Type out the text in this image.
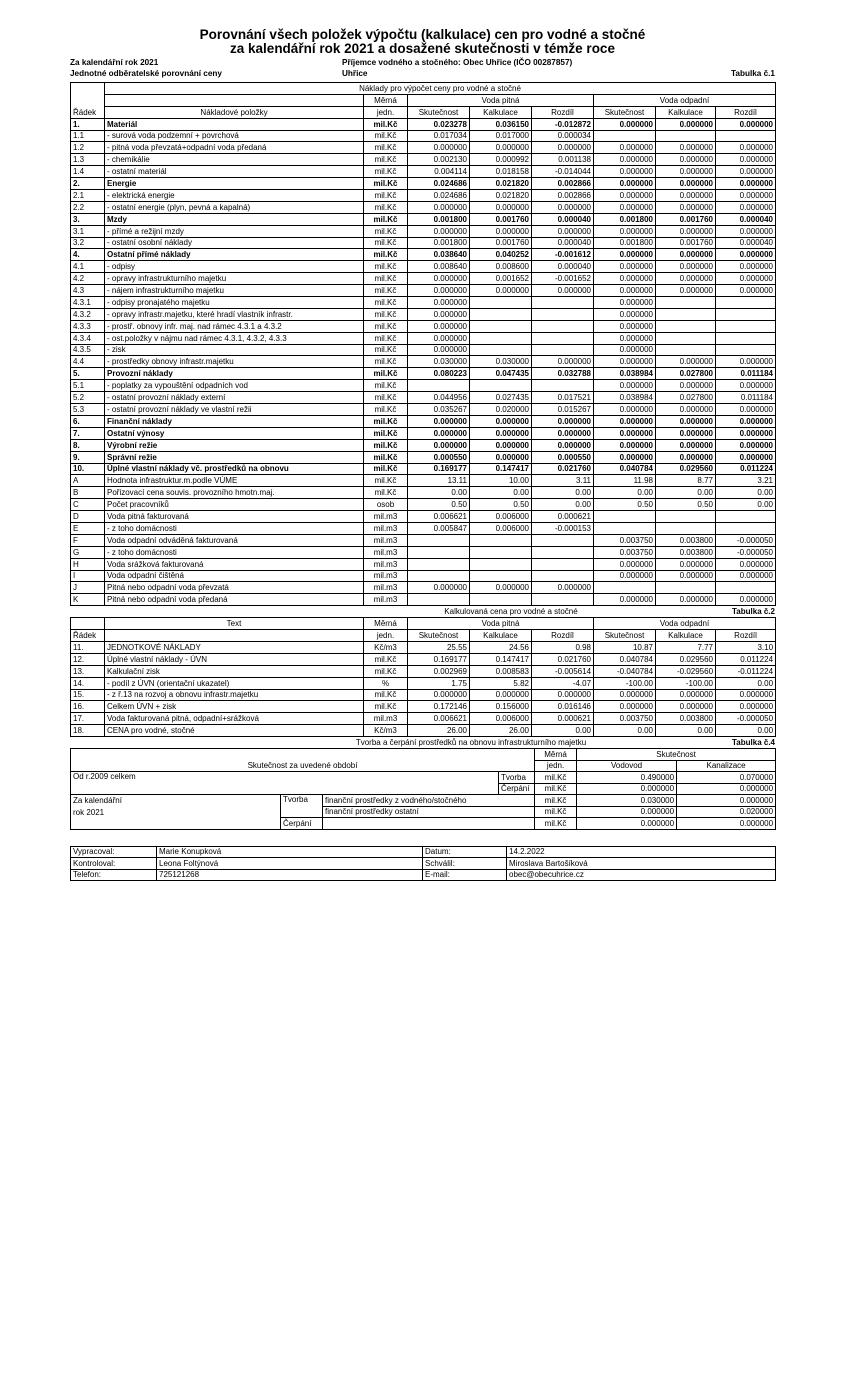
Porovnání všech položek výpočtu (kalkulace) cen pro vodné a stočné

za kalendářní rok 2021 a dosažené skutečnosti v témže roce

Za kalendářní rok 2021	Příjemce vodného a stočného: Obec Uhřice (IČO 00287857)
Jednotné odběratelské porovnání ceny	Uhřice	Tabulka č.1
Řádek	Náklady pro výpočet ceny pro vodné a stočné							
		Měrná	Voda pitná			Voda odpadní		
	Nákladové položky	jedn.	Skutečnost	Kalkulace	Rozdíl	Skutečnost	Kalkulace	Rozdíl
1.	Materiál	mil.Kč	0.023278	0.036150	-0.012872	0.000000	0.000000	0.000000
1.1	- surová voda podzemní + povrchová	mil.Kč	0.017034	0.017000	0.000034			
1.2	- pitná voda převzatá+odpadní voda předaná	mil.Kč	0.000000	0.000000	0.000000	0.000000	0.000000	0.000000
1.3	- chemikálie	mil.Kč	0.002130	0.000992	0.001138	0.000000	0.000000	0.000000
1.4	- ostatní materiál	mil.Kč	0.004114	0.018158	-0.014044	0.000000	0.000000	0.000000
2.	Energie	mil.Kč	0.024686	0.021820	0.002866	0.000000	0.000000	0.000000
2.1	- elektrická energie	mil.Kč	0.024686	0.021820	0.002866	0.000000	0.000000	0.000000
2.2	- ostatní energie (plyn, pevná a kapalná)	mil.Kč	0.000000	0.000000	0.000000	0.000000	0.000000	0.000000
3.	Mzdy	mil.Kč	0.001800	0.001760	0.000040	0.001800	0.001760	0.000040
3.1	- přímé a režijní mzdy	mil.Kč	0.000000	0.000000	0.000000	0.000000	0.000000	0.000000
3.2	- ostatní osobní náklady	mil.Kč	0.001800	0.001760	0.000040	0.001800	0.001760	0.000040
4.	Ostatní přímé náklady	mil.Kč	0.038640	0.040252	-0.001612	0.000000	0.000000	0.000000
4.1	- odpisy	mil.Kč	0.008640	0.008600	0.000040	0.000000	0.000000	0.000000
4.2	- opravy infrastrukturního majetku	mil.Kč	0.000000	0.001652	-0.001652	0.000000	0.000000	0.000000
4.3	- nájem infrastrukturního majetku	mil.Kč	0.000000	0.000000	0.000000	0.000000	0.000000	0.000000
4.3.1	- odpisy pronajatého majetku	mil.Kč	0.000000			0.000000		
4.3.2	- opravy infrastr.majetku, které hradí vlastník infrastr.	mil.Kč	0.000000			0.000000		
4.3.3	- prostř. obnovy infr. maj. nad rámec 4.3.1 a 4.3.2	mil.Kč	0.000000			0.000000		
4.3.4	- ost.položky v nájmu nad rámec 4.3.1, 4.3.2, 4.3.3	mil.Kč	0.000000			0.000000		
4.3.5	- zisk	mil.Kč	0.000000			0.000000		
4.4	- prostředky obnovy infrastr.majetku	mil.Kč	0.030000	0.030000	0.000000	0.000000	0.000000	0.000000
5.	Provozní náklady	mil.Kč	0.080223	0.047435	0.032788	0.038984	0.027800	0.011184
5.1	- poplatky za vypouštění odpadních vod	mil.Kč				0.000000	0.000000	0.000000
5.2	- ostatní provozní náklady externí	mil.Kč	0.044956	0.027435	0.017521	0.038984	0.027800	0.011184
5.3	- ostatní provozní náklady ve vlastní režii	mil.Kč	0.035267	0.020000	0.015267	0.000000	0.000000	0.000000
6.	Finanční náklady	mil.Kč	0.000000	0.000000	0.000000	0.000000	0.000000	0.000000
7.	Ostatní výnosy	mil.Kč	0.000000	0.000000	0.000000	0.000000	0.000000	0.000000
8.	Výrobní režie	mil.Kč	0.000000	0.000000	0.000000	0.000000	0.000000	0.000000
9.	Správní režie	mil.Kč	0.000550	0.000000	0.000550	0.000000	0.000000	0.000000
10.	Úplné vlastní náklady vč. prostředků na obnovu	mil.Kč	0.169177	0.147417	0.021760	0.040784	0.029560	0.011224
A	Hodnota infrastruktur.m.podle VÚME	mil.Kč	13.11	10.00	3.11	11.98	8.77	3.21
B	Pořizovací cena souvis. provozního hmotn.maj.	mil.Kč	0.00	0.00	0.00	0.00	0.00	0.00
C	Počet pracovníků	osob	0.50	0.50	0.00	0.50	0.50	0.00
D	Voda pitná fakturovaná	mil.m3	0.006621	0.006000	0.000621			
E	- z toho domácnosti	mil.m3	0.005847	0.006000	-0.000153			
F	Voda odpadní odváděná fakturovaná	mil.m3				0.003750	0.003800	-0.000050
G	- z toho domácnosti	mil.m3				0.003750	0.003800	-0.000050
H	Voda srážková fakturovaná	mil.m3				0.000000	0.000000	0.000000
I	Voda odpadní čištěná	mil.m3				0.000000	0.000000	0.000000
J	Pitná nebo odpadní voda převzatá	mil.m3	0.000000	0.000000	0.000000			
K	Pitná nebo odpadní voda předaná	mil.m3				0.000000	0.000000	0.000000
Kalkulovaná cena pro vodné a stočné	Tabulka č.2
	Text	Měrná	Voda pitná			Voda odpadní		
Řádek		jedn.	Skutečnost	Kalkulace	Rozdíl	Skutečnost	Kalkulace	Rozdíl
11.	JEDNOTKOVÉ NÁKLADY	Kč/m3	25.55	24.56	0.98	10.87	7.77	3.10
12.	Úplné vlastní náklady - ÚVN	mil.Kč	0.169177	0.147417	0.021760	0.040784	0.029560	0.011224
13.	Kalkulační zisk	mil.Kč	0.002969	0.008583	-0.005614	-0.040784	-0.029560	-0.011224
14.	- podíl z ÚVN (orientační ukazatel)	%	1.75	5.82	-4.07	-100.00	-100.00	0.00
15.	- z ř.13 na rozvoj a obnovu infrastr.majetku	mil.Kč	0.000000	0.000000	0.000000	0.000000	0.000000	0.000000
16.	Celkem ÚVN + zisk	mil.Kč	0.172146	0.156000	0.016146	0.000000	0.000000	0.000000
17.	Voda fakturovaná pitná, odpadní+srážková	mil.m3	0.006621	0.006000	0.000621	0.003750	0.003800	-0.000050
18.	CENA pro vodné, stočné	Kč/m3	26.00	26.00	0.00	0.00	0.00	0.00
Tvorba a čerpání prostředků na obnovu infrastrukturního majetku	Tabulka č.4
Skutečnost za uvedené období				Měrná	Skutečnost	
				jedn.	Vodovod	Kanalizace
Od r.2009 celkem			Tvorba	mil.Kč	0.490000	0.070000
			Čerpání	mil.Kč	0.000000	0.000000
Za kalendářní	Tvorba	finanční prostředky z vodného/stočného		mil.Kč	0.030000	0.000000
rok 2021		finanční prostředky ostatní		mil.Kč	0.000000	0.020000
	Čerpání			mil.Kč	0.000000	0.000000
Vypracoval:	Marie Konupková	Datum:	14.2.2022
Kontroloval:	Leona Foltýnová	Schválil:	Miroslava Bartošíková
Telefon:	725121268	E-mail:	obec@obecuhrice.cz
